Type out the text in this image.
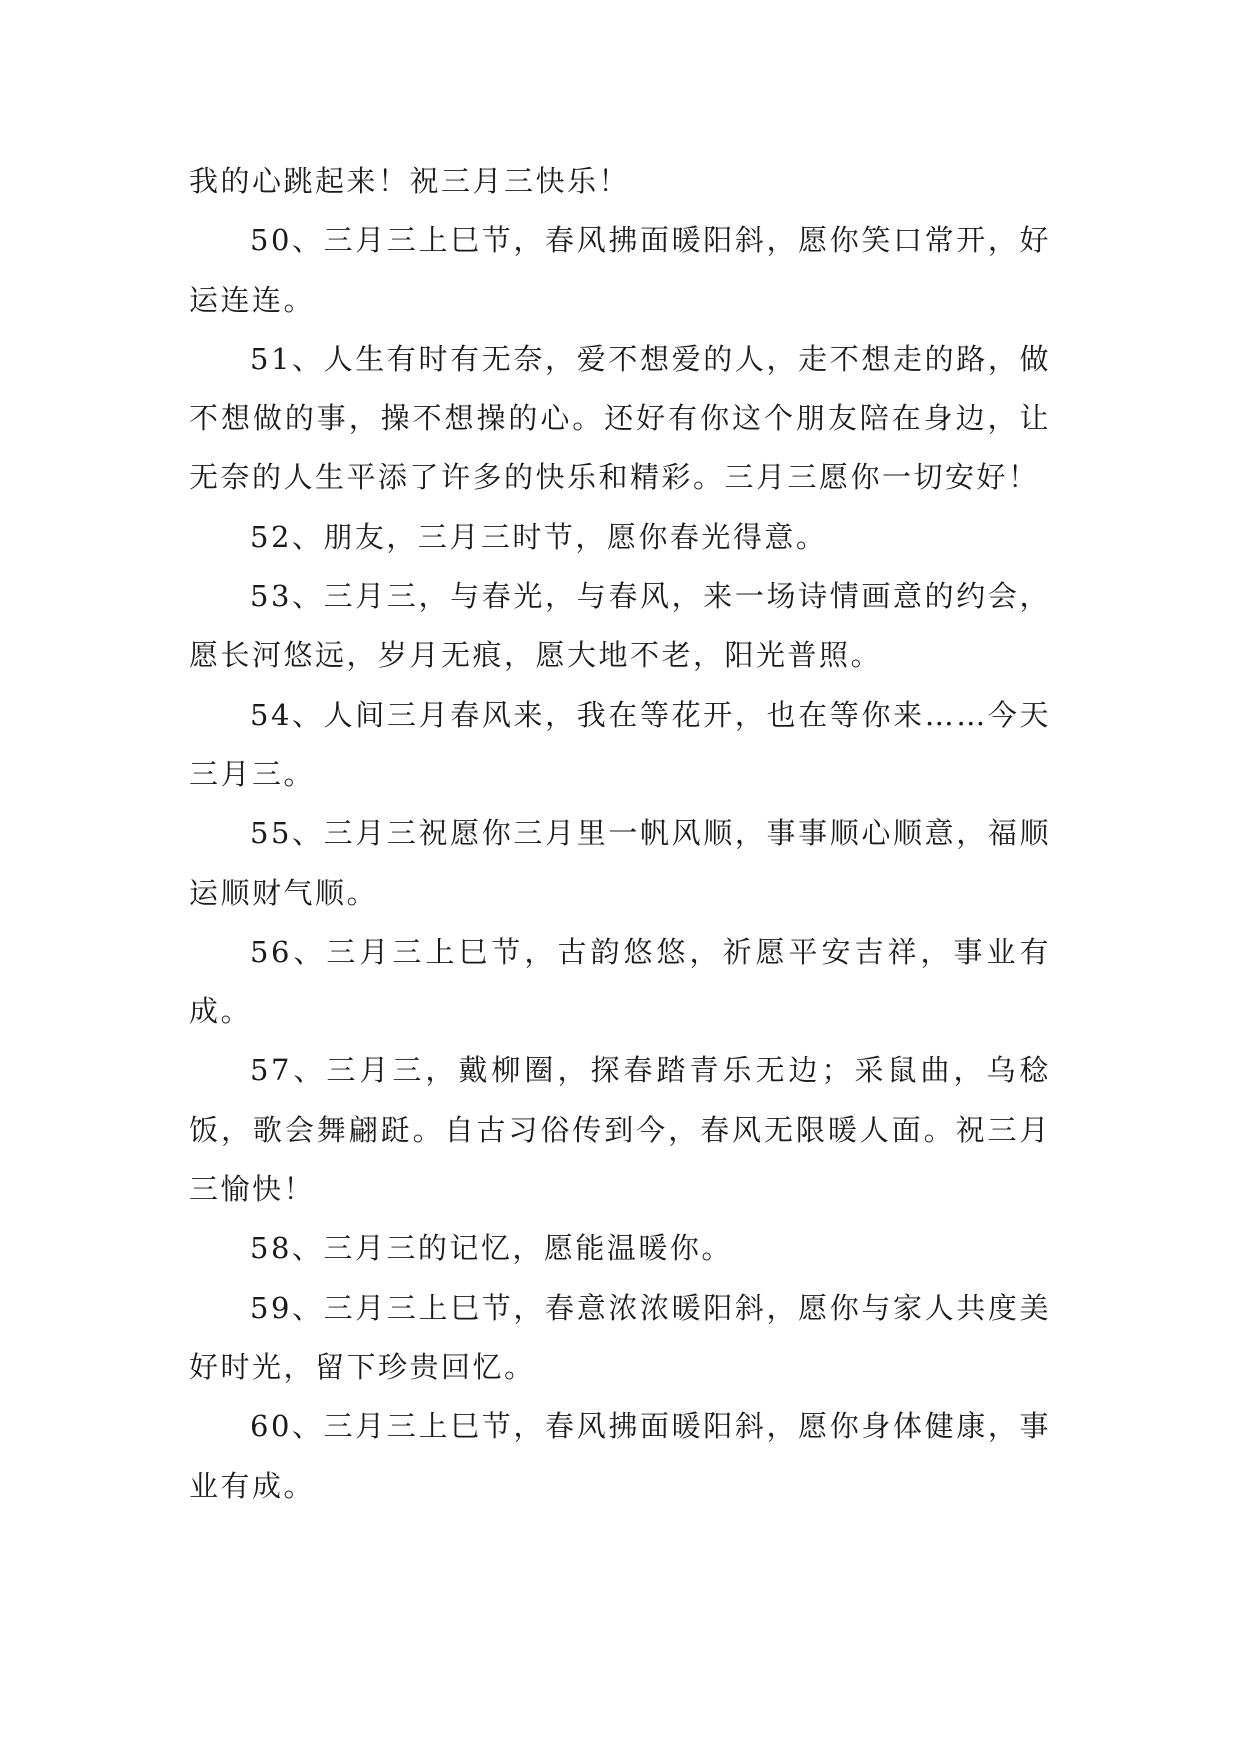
我的心跳起来！祝三月三快乐！

50、三月三上巳节，春风拂面暖阳斜，愿你笑口常开，好运连连。

51、人生有时有无奈，爱不想爱的人，走不想走的路，做不想做的事，操不想操的心。还好有你这个朋友陪在身边，让无奈的人生平添了许多的快乐和精彩。三月三愿你一切安好！

52、朋友，三月三时节，愿你春光得意。

53、三月三，与春光，与春风，来一场诗情画意的约会，愿长河悠远，岁月无痕，愿大地不老，阳光普照。

54、人间三月春风来，我在等花开，也在等你来……今天三月三。

55、三月三祝愿你三月里一帆风顺，事事顺心顺意，福顺运顺财气顺。

56、三月三上巳节，古韵悠悠，祈愿平安吉祥，事业有成。

57、三月三，戴柳圈，探春踏青乐无边；采鼠曲，乌稔饭，歌会舞翩跹。自古习俗传到今，春风无限暖人面。祝三月三愉快！

58、三月三的记忆，愿能温暖你。

59、三月三上巳节，春意浓浓暖阳斜，愿你与家人共度美好时光，留下珍贵回忆。

60、三月三上巳节，春风拂面暖阳斜，愿你身体健康，事业有成。
